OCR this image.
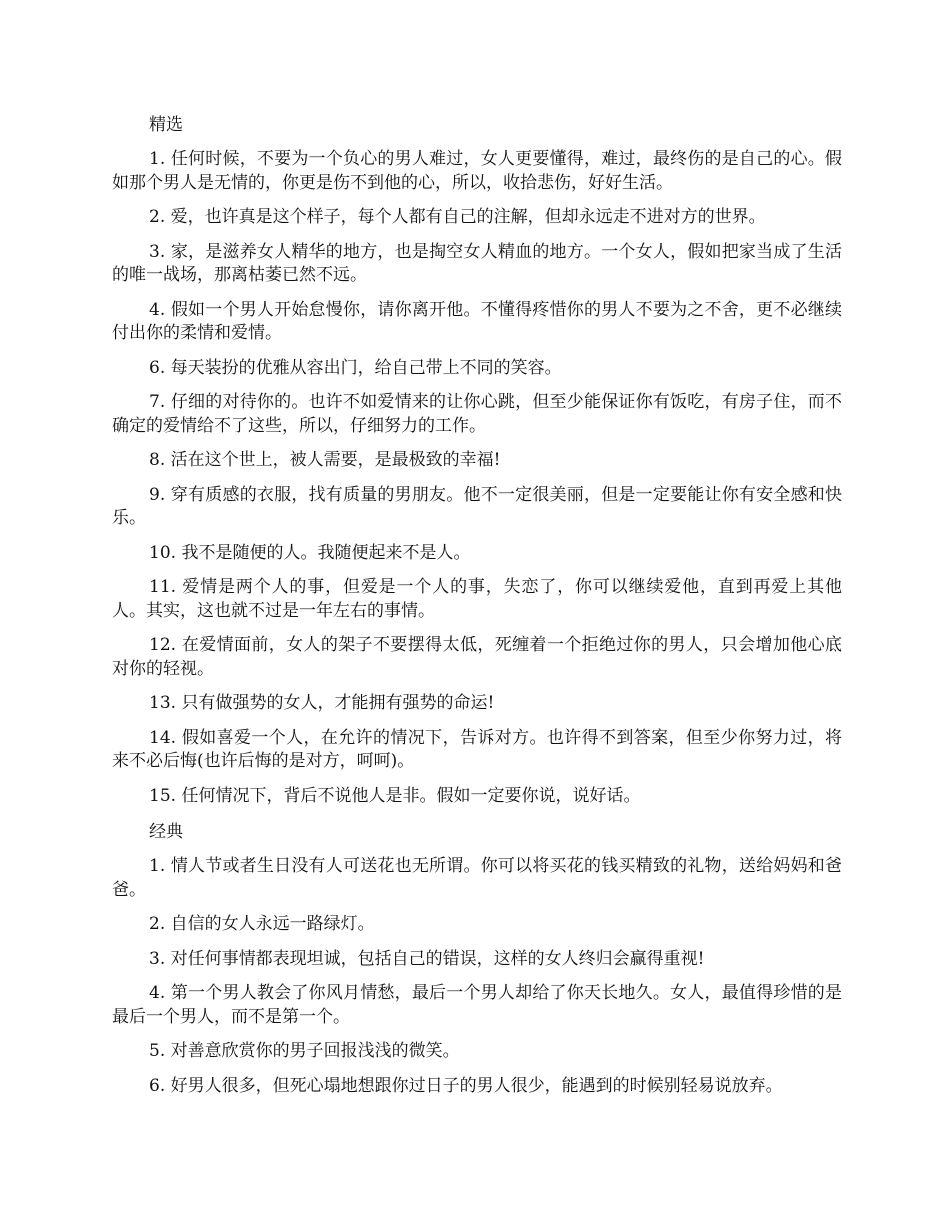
精选

1. 任何时候，不要为一个负心的男人难过，女人更要懂得，难过，最终伤的是自己的心。假如那个男人是无情的，你更是伤不到他的心，所以，收拾悲伤，好好生活。

2. 爱，也许真是这个样子，每个人都有自己的注解，但却永远走不进对方的世界。

3. 家，是滋养女人精华的地方，也是掏空女人精血的地方。一个女人，假如把家当成了生活的唯一战场，那离枯萎已然不远。

4. 假如一个男人开始怠慢你，请你离开他。不懂得疼惜你的男人不要为之不舍，更不必继续付出你的柔情和爱情。

6. 每天装扮的优雅从容出门，给自己带上不同的笑容。

7. 仔细的对待你的。也许不如爱情来的让你心跳，但至少能保证你有饭吃，有房子住，而不确定的爱情给不了这些，所以，仔细努力的工作。

8. 活在这个世上，被人需要，是最极致的幸福!

9. 穿有质感的衣服，找有质量的男朋友。他不一定很美丽，但是一定要能让你有安全感和快乐。

10. 我不是随便的人。我随便起来不是人。

11. 爱情是两个人的事，但爱是一个人的事，失恋了，你可以继续爱他，直到再爱上其他人。其实，这也就不过是一年左右的事情。

12. 在爱情面前，女人的架子不要摆得太低，死缠着一个拒绝过你的男人，只会增加他心底对你的轻视。

13. 只有做强势的女人，才能拥有强势的命运!

14. 假如喜爱一个人，在允许的情况下，告诉对方。也许得不到答案，但至少你努力过，将来不必后悔(也许后悔的是对方，呵呵)。

15. 任何情况下，背后不说他人是非。假如一定要你说，说好话。

经典

1. 情人节或者生日没有人可送花也无所谓。你可以将买花的钱买精致的礼物，送给妈妈和爸爸。

2. 自信的女人永远一路绿灯。

3. 对任何事情都表现坦诚，包括自己的错误，这样的女人终归会赢得重视!

4. 第一个男人教会了你风月情愁，最后一个男人却给了你天长地久。女人，最值得珍惜的是最后一个男人，而不是第一个。

5. 对善意欣赏你的男子回报浅浅的微笑。

6. 好男人很多，但死心塌地想跟你过日子的男人很少，能遇到的时候别轻易说放弃。
